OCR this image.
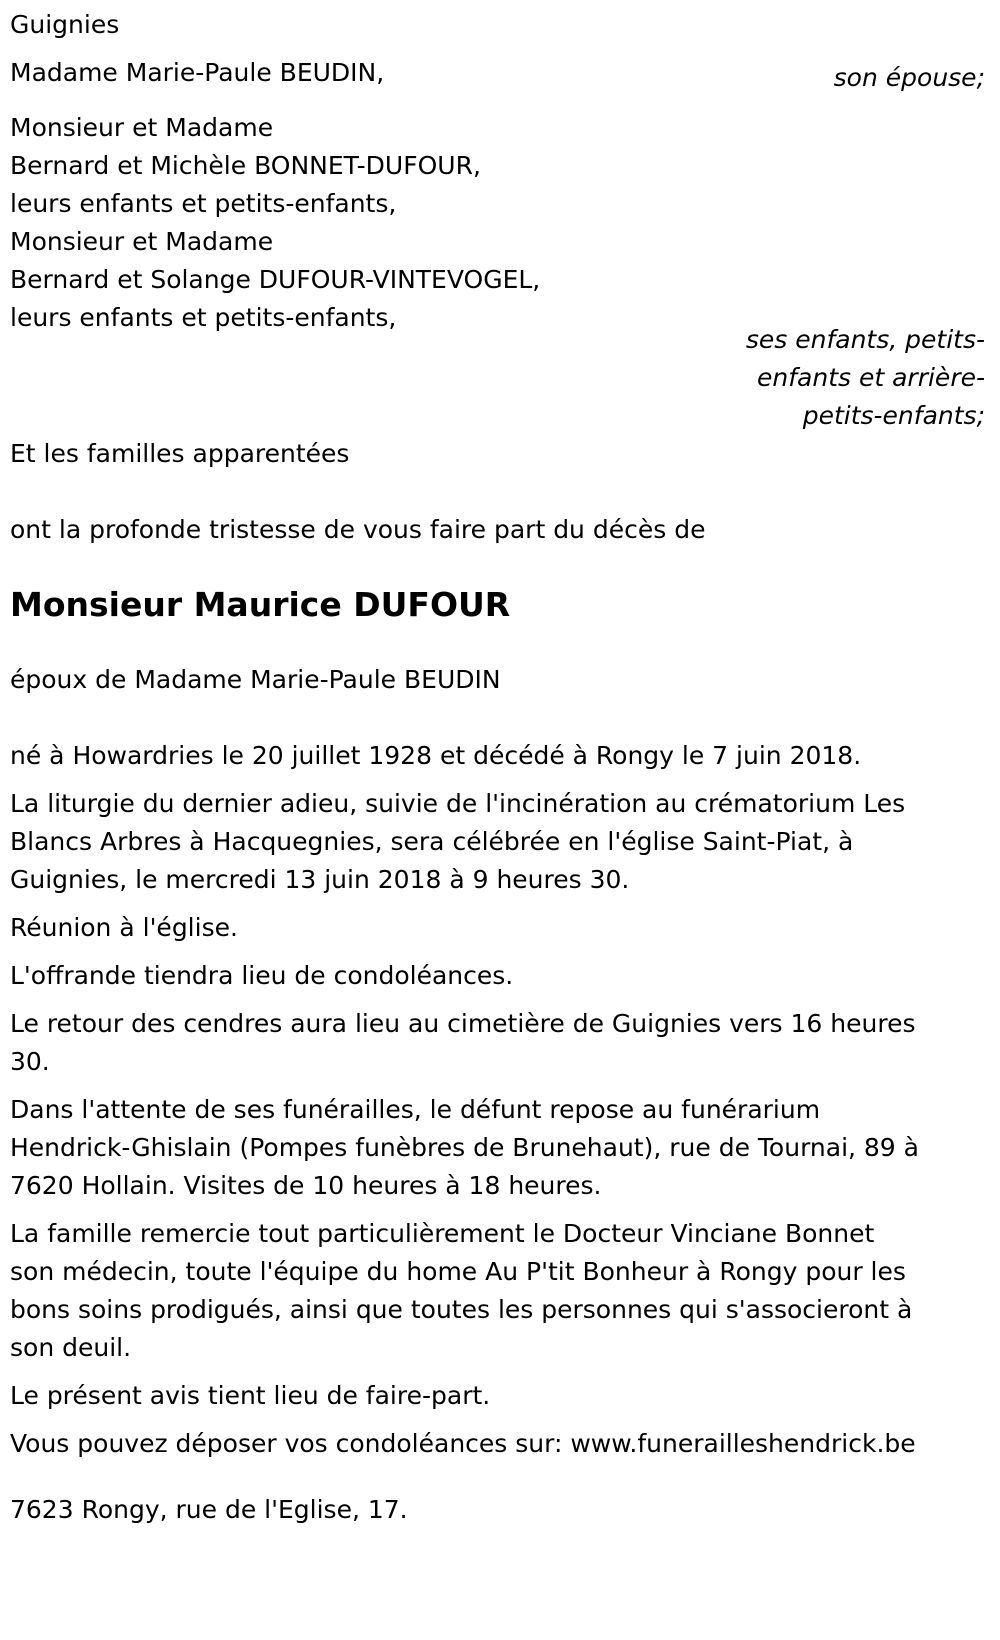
Guignies
Madame Marie-Paule BEUDIN,	son épouse;
Monsieur et Madame
Bernard et Michèle BONNET-DUFOUR,
leurs enfants et petits-enfants,
Monsieur et Madame
Bernard et Solange DUFOUR-VINTEVOGEL,
leurs enfants et petits-enfants,
ses enfants, petits-
enfants et arrière-
petits-enfants;
Et les familles apparentées
ont la profonde tristesse de vous faire part du décès de
Monsieur Maurice DUFOUR
époux de Madame Marie-Paule BEUDIN
né à Howardries le 20 juillet 1928 et décédé à Rongy le 7 juin 2018.
La liturgie du dernier adieu, suivie de l'incinération au crématorium Les
Blancs Arbres à Hacquegnies, sera célébrée en l'église Saint-Piat, à
Guignies, le mercredi 13 juin 2018 à 9 heures 30.
Réunion à l'église.
L'offrande tiendra lieu de condoléances.
Le retour des cendres aura lieu au cimetière de Guignies vers 16 heures
30.
Dans l'attente de ses funérailles, le défunt repose au funérarium
Hendrick-Ghislain (Pompes funèbres de Brunehaut), rue de Tournai, 89 à
7620 Hollain. Visites de 10 heures à 18 heures.
La famille remercie tout particulièrement le Docteur Vinciane Bonnet
son médecin, toute l'équipe du home Au P'tit Bonheur à Rongy pour les
bons soins prodigués, ainsi que toutes les personnes qui s'associeront à
son deuil.
Le présent avis tient lieu de faire-part.
Vous pouvez déposer vos condoléances sur: www.funerailleshendrick.be
7623 Rongy, rue de l'Eglise, 17.
